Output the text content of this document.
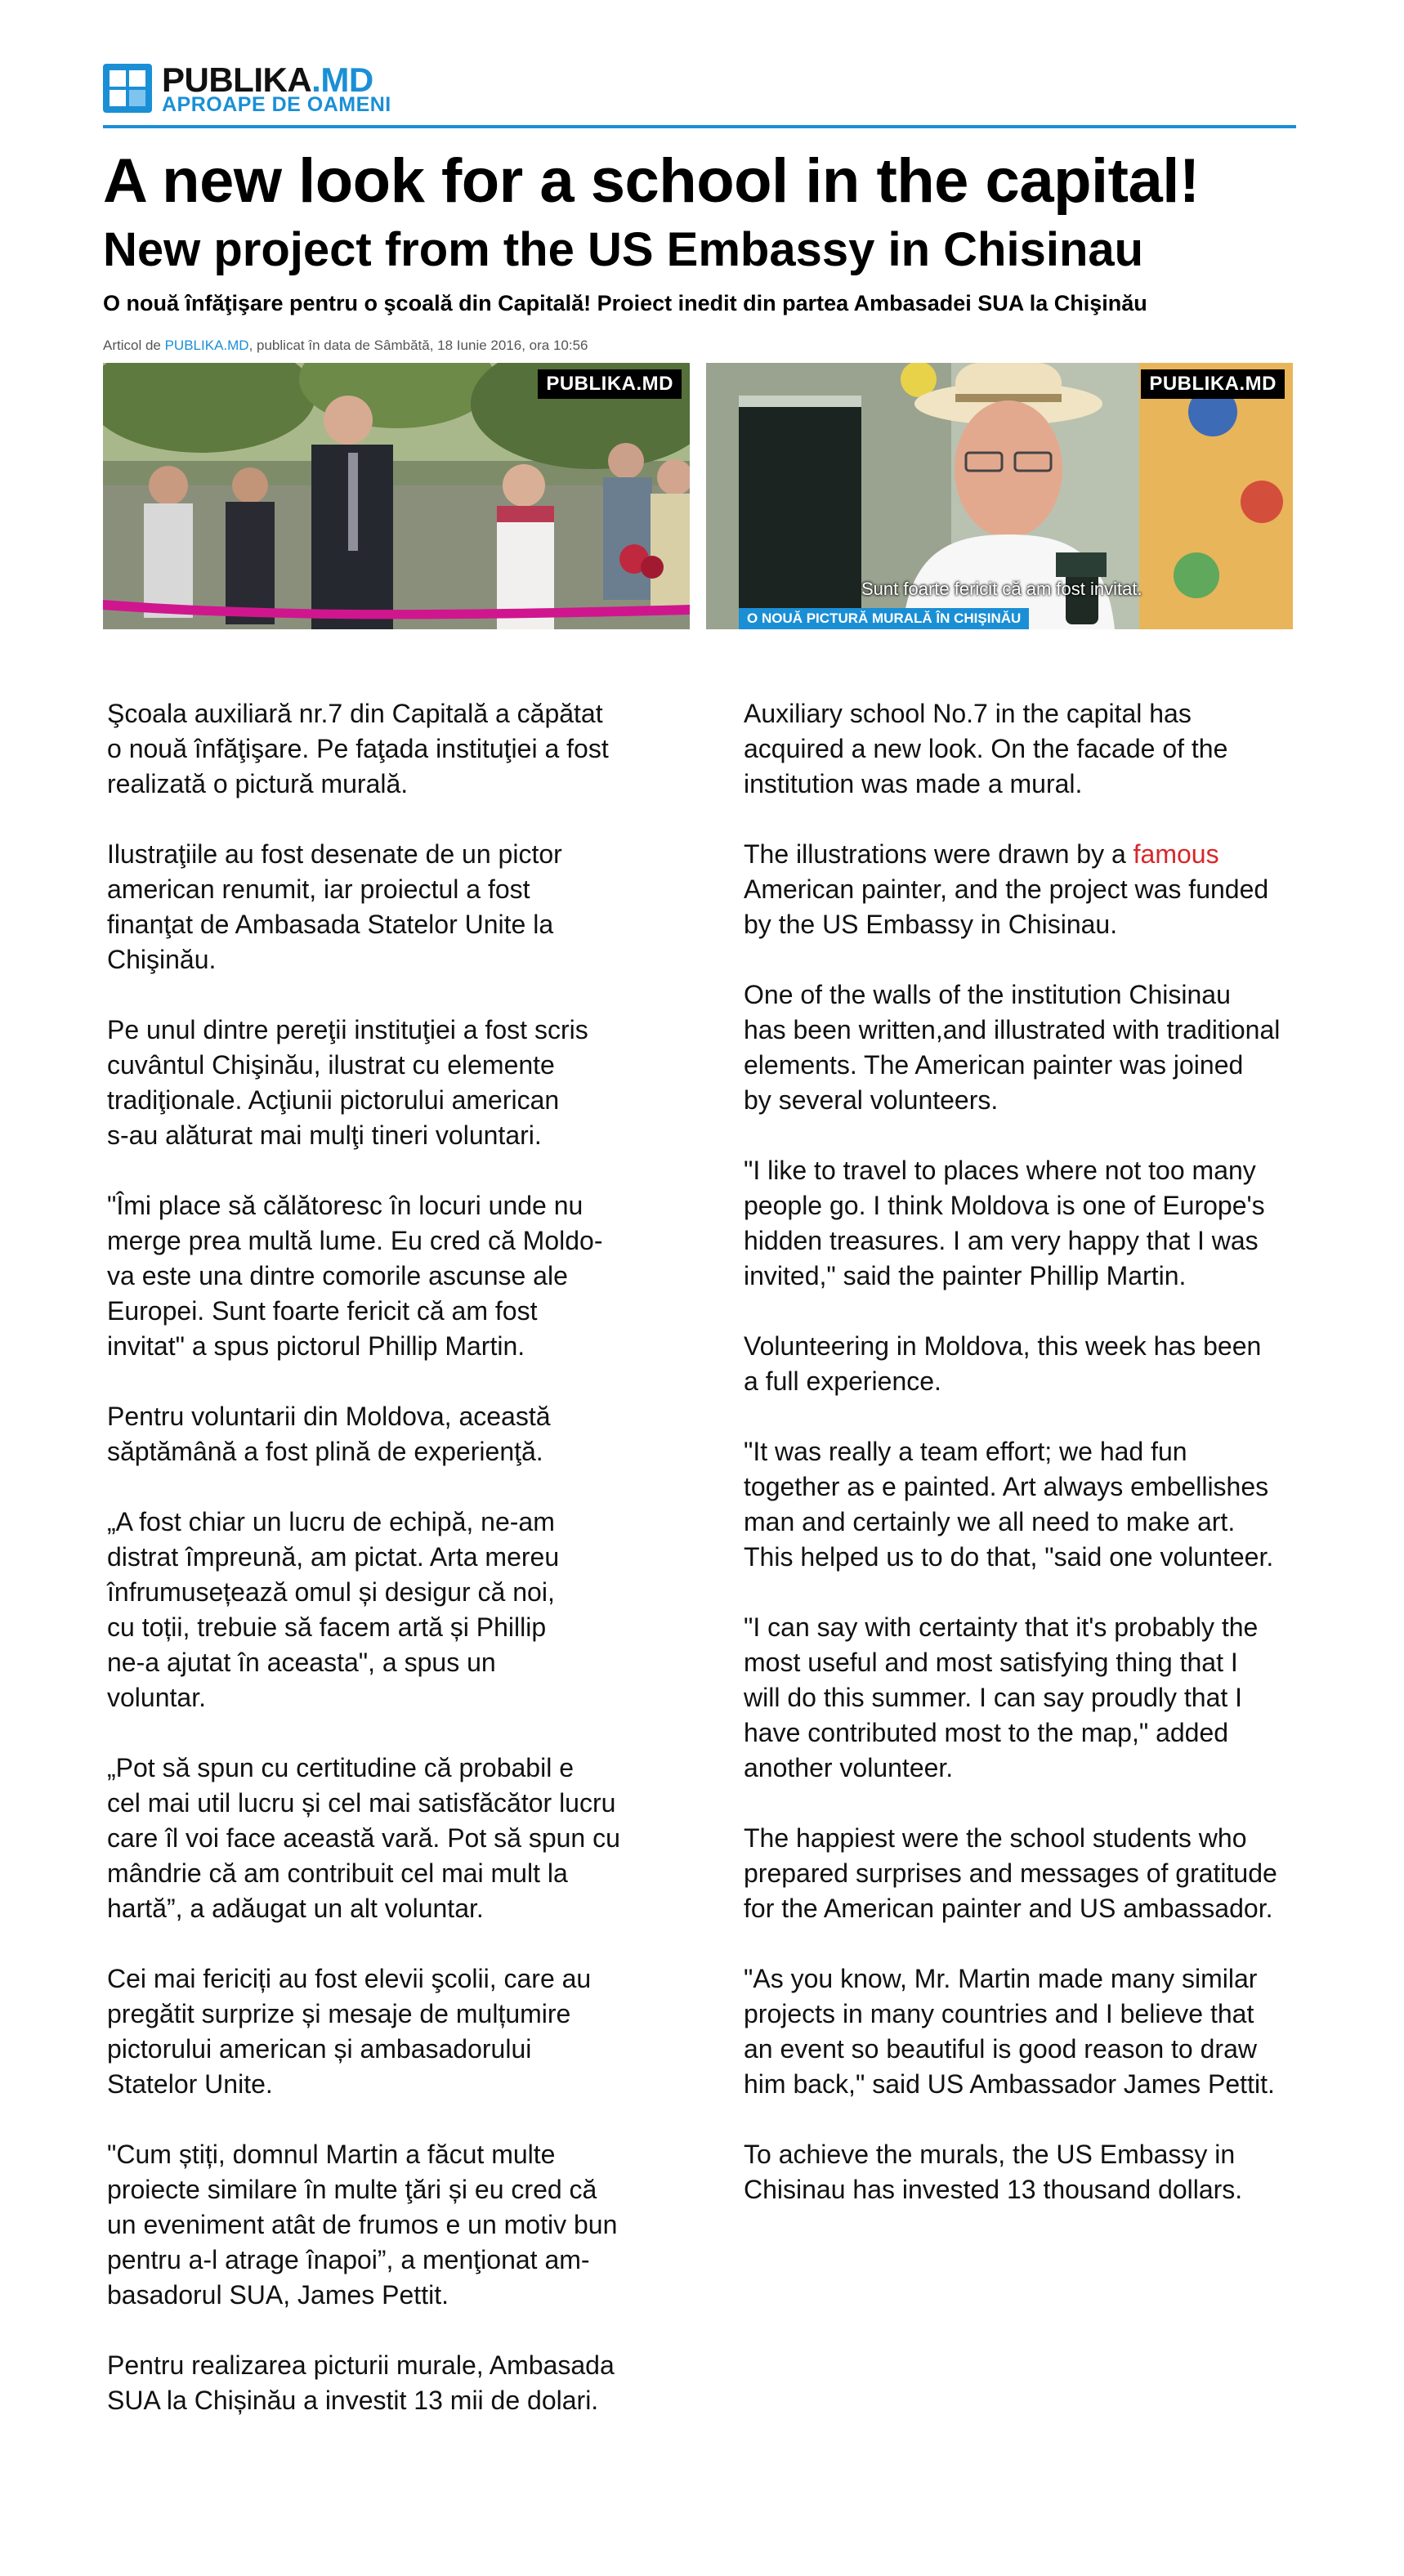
PUBLIKA.MD
APROAPE DE OAMENI
A new look for a school in the capital!
New project from the US Embassy in Chisinau
O nouă înfăţişare pentru o şcoală din Capitală! Proiect inedit din partea Ambasadei SUA la Chişinău
Articol de PUBLIKA.MD, publicat în data de Sâmbătă, 18 Iunie 2016, ora 10:56
PUBLIKA.MD	PUBLIKA.MD
Sunt foarte fericit că am fost invitat.
O NOUĂ PICTURĂ MURALĂ ÎN CHIŞINĂU

Şcoala auxiliară nr.7 din Capitală a căpătat
o nouă înfăţişare. Pe faţada instituţiei a fost
realizată o pictură murală.

Ilustraţiile au fost desenate de un pictor
american renumit, iar proiectul a fost
finanţat de Ambasada Statelor Unite la
Chişinău.

Pe unul dintre pereţii instituţiei a fost scris
cuvântul Chişinău, ilustrat cu elemente
tradiţionale. Acţiunii pictorului american
s-au alăturat mai mulţi tineri voluntari.

"Îmi place să călătoresc în locuri unde nu
merge prea multă lume. Eu cred că Moldo-
va este una dintre comorile ascunse ale
Europei. Sunt foarte fericit că am fost
invitat" a spus pictorul Phillip Martin.

Pentru voluntarii din Moldova, această
săptămână a fost plină de experienţă.

„A fost chiar un lucru de echipă, ne-am
distrat împreună, am pictat. Arta mereu
înfrumusețează omul și desigur că noi,
cu toții, trebuie să facem artă și Phillip
ne-a ajutat în aceasta", a spus un
voluntar.

„Pot să spun cu certitudine că probabil e
cel mai util lucru și cel mai satisfăcător lucru
care îl voi face această vară. Pot să spun cu
mândrie că am contribuit cel mai mult la
hartă”, a adăugat un alt voluntar.

Cei mai fericiți au fost elevii şcolii, care au
pregătit surprize și mesaje de mulțumire
pictorului american și ambasadorului
Statelor Unite.

"Cum știți, domnul Martin a făcut multe
proiecte similare în multe ţări și eu cred că
un eveniment atât de frumos e un motiv bun
pentru a-l atrage înapoi”, a menţionat am-
basadorul SUA, James Pettit.

Pentru realizarea picturii murale, Ambasada
SUA la Chișinău a investit 13 mii de dolari.

Auxiliary school No.7 in the capital has
acquired a new look. On the facade of the
institution was made a mural.

The illustrations were drawn by a famous
American painter, and the project was funded
by the US Embassy in Chisinau.

One of the walls of the institution Chisinau
has been written,and illustrated with traditional
elements. The American painter was joined
by several volunteers.

"I like to travel to places where not too many
people go. I think Moldova is one of Europe's
hidden treasures. I am very happy that I was
invited," said the painter Phillip Martin.

Volunteering in Moldova, this week has been
a full experience.

"It was really a team effort; we had fun
together as e painted. Art always embellishes
man and certainly we all need to make art.
This helped us to do that, "said one volunteer.

"I can say with certainty that it's probably the
most useful and most satisfying thing that I
will do this summer. I can say proudly that I
have contributed most to the map," added
another volunteer.

The happiest were the school students who
prepared surprises and messages of gratitude
for the American painter and US ambassador.

"As you know, Mr. Martin made many similar
projects in many countries and I believe that
an event so beautiful is good reason to draw
him back," said US Ambassador James Pettit.

To achieve the murals, the US Embassy in
Chisinau has invested 13 thousand dollars.
